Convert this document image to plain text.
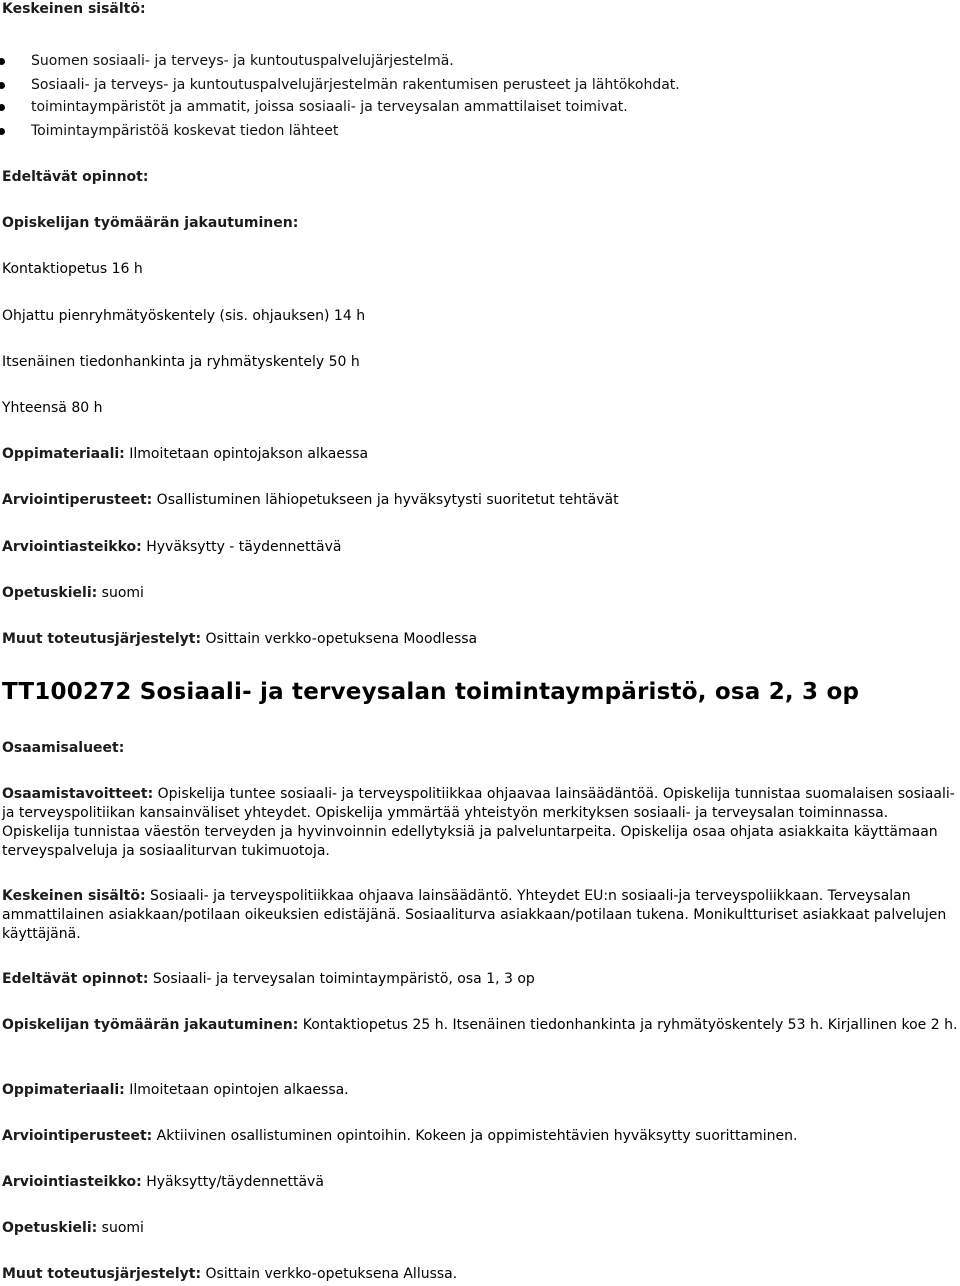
Keskeinen sisältö:
Suomen sosiaali- ja terveys- ja kuntoutuspalvelujärjestelmä.
Sosiaali- ja terveys- ja kuntoutuspalvelujärjestelmän rakentumisen perusteet ja lähtökohdat.
toimintaympäristöt ja ammatit, joissa sosiaali- ja terveysalan ammattilaiset toimivat.
Toimintaympäristöä koskevat tiedon lähteet
Edeltävät opinnot:
Opiskelijan työmäärän jakautuminen:
Kontaktiopetus 16 h
Ohjattu pienryhmätyöskentely (sis. ohjauksen) 14 h
Itsenäinen tiedonhankinta ja ryhmätyskentely 50 h
Yhteensä 80 h
Oppimateriaali: Ilmoitetaan opintojakson alkaessa
Arviointiperusteet: Osallistuminen lähiopetukseen ja hyväksytysti suoritetut tehtävät
Arviointiasteikko: Hyväksytty - täydennettävä
Opetuskieli: suomi
Muut toteutusjärjestelyt: Osittain verkko-opetuksena Moodlessa
TT100272 Sosiaali- ja terveysalan toimintaympäristö, osa 2, 3 op
Osaamisalueet:
Osaamistavoitteet: Opiskelija tuntee sosiaali- ja terveyspolitiikkaa ohjaavaa lainsäädäntöä. Opiskelija tunnistaa suomalaisen sosiaali- ja terveyspolitiikan kansainväliset yhteydet. Opiskelija ymmärtää yhteistyön merkityksen sosiaali- ja terveysalan toiminnassa. Opiskelija tunnistaa väestön terveyden ja hyvinvoinnin edellytyksiä ja palveluntarpeita. Opiskelija osaa ohjata asiakkaita käyttämaan terveyspalveluja ja sosiaaliturvan tukimuotoja.
Keskeinen sisältö: Sosiaali- ja terveyspolitiikkaa ohjaava lainsäädäntö. Yhteydet EU:n sosiaali-ja terveyspoliikkaan. Terveysalan ammattilainen asiakkaan/potilaan oikeuksien edistäjänä. Sosiaaliturva asiakkaan/potilaan tukena. Monikultturiset asiakkaat palvelujen käyttäjänä.
Edeltävät opinnot: Sosiaali- ja terveysalan toimintaympäristö, osa 1, 3 op
Opiskelijan työmäärän jakautuminen: Kontaktiopetus 25 h. Itsenäinen tiedonhankinta ja ryhmätyöskentely 53 h. Kirjallinen koe 2 h.
Oppimateriaali: Ilmoitetaan opintojen alkaessa.
Arviointiperusteet: Aktiivinen osallistuminen opintoihin. Kokeen ja oppimistehtävien hyväksytty suorittaminen.
Arviointiasteikko: Hyäksytty/täydennettävä
Opetuskieli: suomi
Muut toteutusjärjestelyt: Osittain verkko-opetuksena Allussa.
